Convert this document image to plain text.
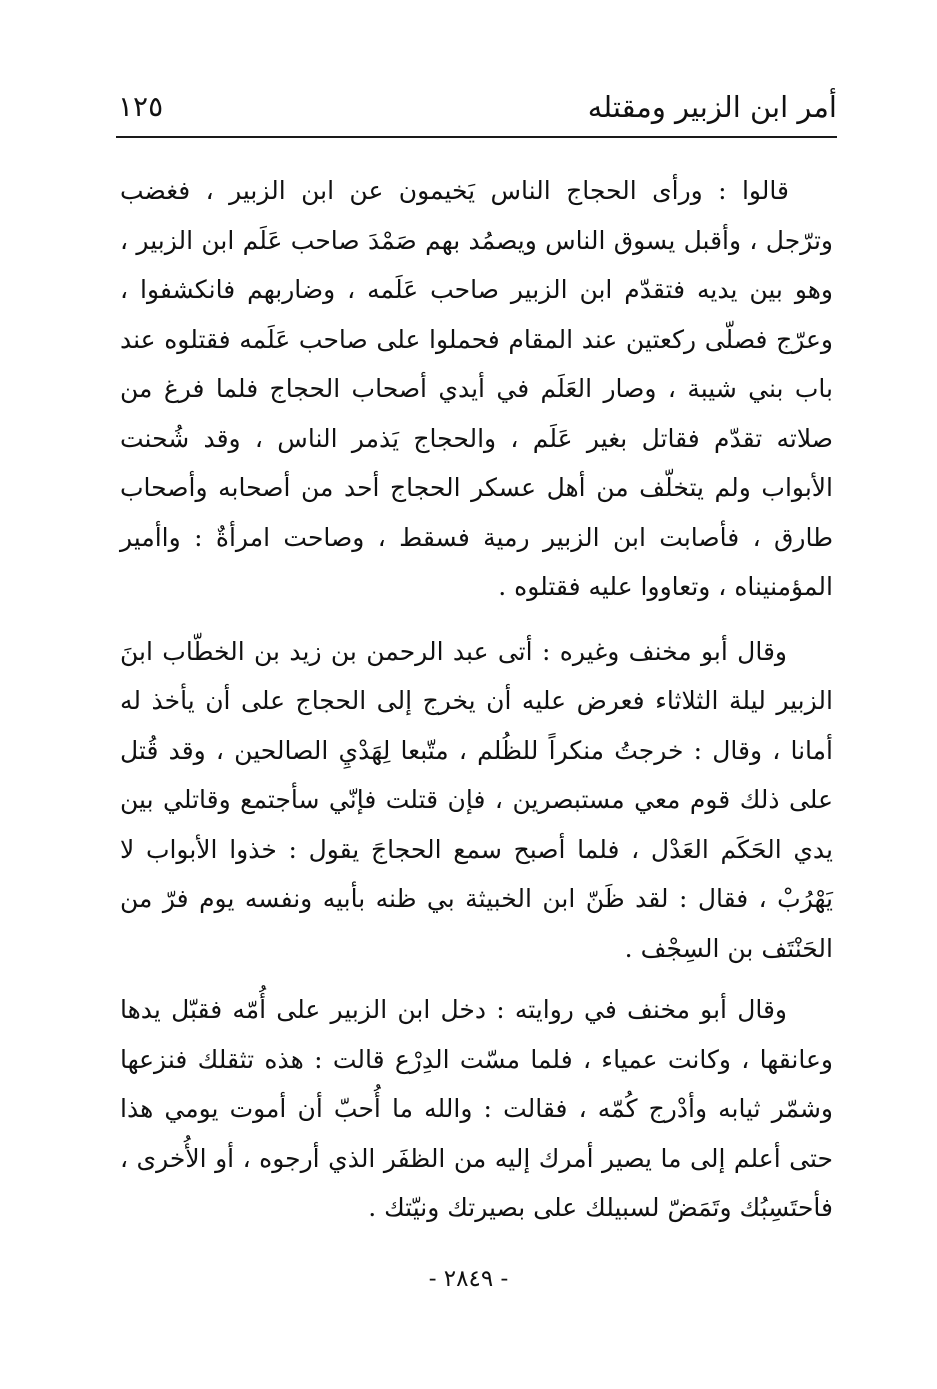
أمر ابن الزبير ومقتله
١٢٥

قالوا : ورأى الحجاج الناس يَخيمون عن ابن الزبير ، فغضب وترّجل ، وأقبل يسوق الناس ويصمُد بهم صَمْدَ صاحب عَلَم ابن الزبير ، وهو بين يديه فتقدّم ابن الزبير صاحب عَلَمه ، وضاربهم فانكشفوا ، وعرّج فصلّى ركعتين عند المقام فحملوا على صاحب عَلَمه فقتلوه عند باب بني شيبة ، وصار العَلَم في أيدي أصحاب الحجاج فلما فرغ من صلاته تقدّم فقاتل بغير عَلَم ، والحجاج يَذمر الناس ، وقد شُحنت الأبواب ولم يتخلّف من أهل عسكر الحجاج أحد من أصحابه وأصحاب طارق ، فأصابت ابن الزبير رمية فسقط ، وصاحت امرأةٌ : واأمير المؤمنيناه ، وتعاووا عليه فقتلوه .

وقال أبو مخنف وغيره : أتى عبد الرحمن بن زيد بن الخطّاب ابنَ الزبير ليلة الثلاثاء فعرض عليه أن يخرج إلى الحجاج على أن يأخذ له أمانا ، وقال : خرجتُ منكراً للظُلم ، متّبعا لِهَدْيِ الصالحين ، وقد قُتل على ذلك قوم معي مستبصرين ، فإن قتلت فإنّي سأجتمع وقاتلي بين يدي الحَكَم العَدْل ، فلما أصبح سمع الحجاجَ يقول : خذوا الأبواب لا يَهْرُبْ ، فقال : لقد ظَنّ ابن الخبيثة بي ظنه بأبيه ونفسه يوم فرّ من الحَنْتَف بن السِجْف .

وقال أبو مخنف في روايته : دخل ابن الزبير على أُمّه فقبّل يدها وعانقها ، وكانت عمياء ، فلما مسّت الدِرْع قالت : هذه تثقلك فنزعها وشمّر ثيابه وأدْرج كُمّه ، فقالت : والله ما أُحبّ أن أموت يومي هذا حتى أعلم إلى ما يصير أمرك إليه من الظفَر الذي أرجوه ، أو الأُخرى ، فأحتَسِبُك وتَمَضّ لسبيلك على بصيرتك ونيّتك .

- ٢٨٤٩ -
